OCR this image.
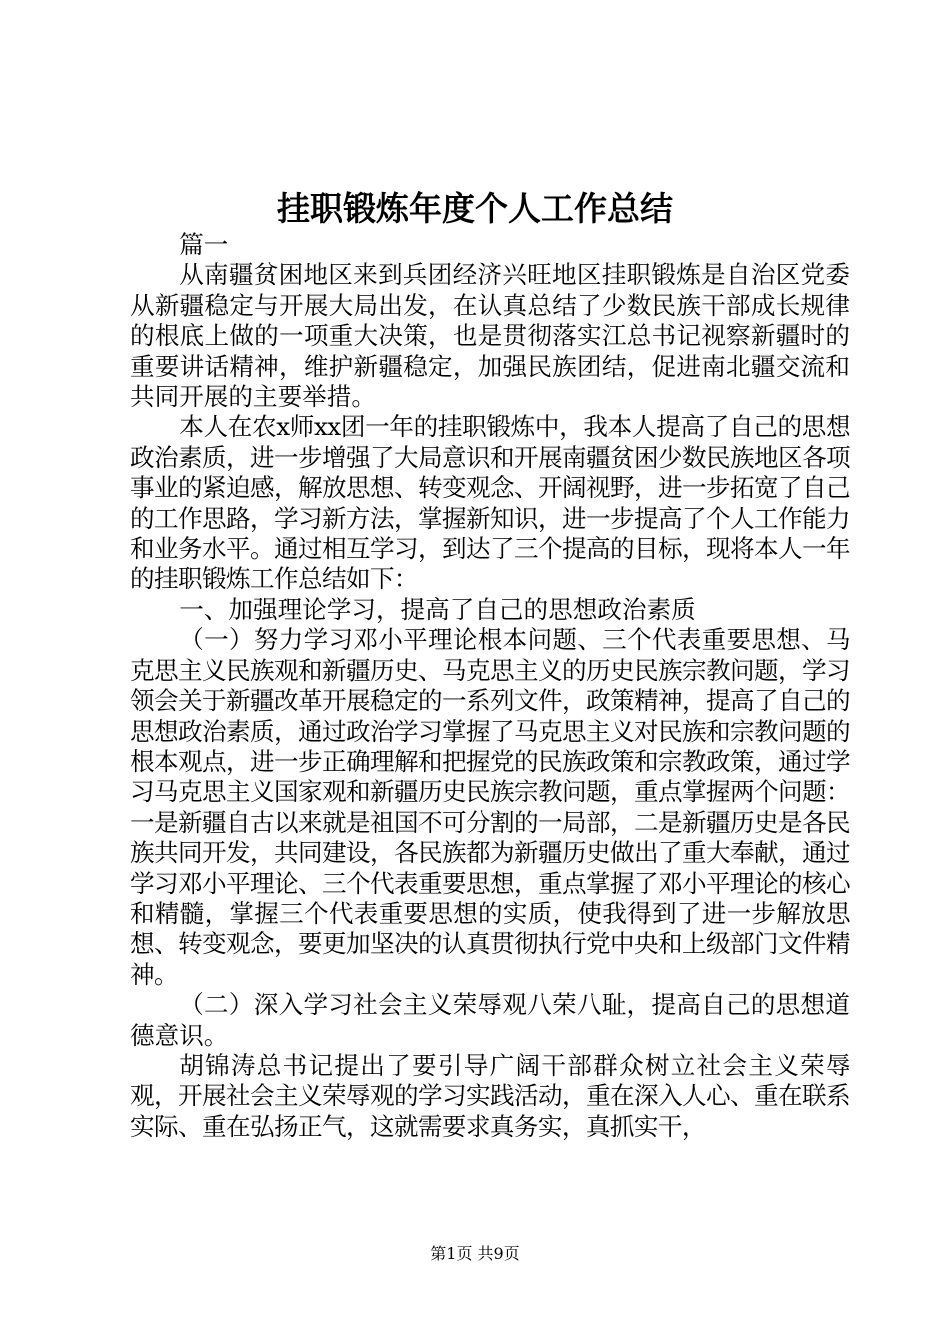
挂职锻炼年度个人工作总结

篇一

从南疆贫困地区来到兵团经济兴旺地区挂职锻炼是自治区党委从新疆稳定与开展大局出发，在认真总结了少数民族干部成长规律的根底上做的一项重大决策，也是贯彻落实江总书记视察新疆时的重要讲话精神，维护新疆稳定，加强民族团结，促进南北疆交流和共同开展的主要举措。

本人在农x师xx团一年的挂职锻炼中，我本人提高了自己的思想政治素质，进一步增强了大局意识和开展南疆贫困少数民族地区各项事业的紧迫感，解放思想、转变观念、开阔视野，进一步拓宽了自己的工作思路，学习新方法，掌握新知识，进一步提高了个人工作能力和业务水平。通过相互学习，到达了三个提高的目标，现将本人一年的挂职锻炼工作总结如下：

一、加强理论学习，提高了自己的思想政治素质

（一）努力学习邓小平理论根本问题、三个代表重要思想、马克思主义民族观和新疆历史、马克思主义的历史民族宗教问题，学习领会关于新疆改革开展稳定的一系列文件，政策精神，提高了自己的思想政治素质，通过政治学习掌握了马克思主义对民族和宗教问题的根本观点，进一步正确理解和把握党的民族政策和宗教政策，通过学习马克思主义国家观和新疆历史民族宗教问题，重点掌握两个问题：一是新疆自古以来就是祖国不可分割的一局部，二是新疆历史是各民族共同开发，共同建设，各民族都为新疆历史做出了重大奉献，通过学习邓小平理论、三个代表重要思想，重点掌握了邓小平理论的核心和精髓，掌握三个代表重要思想的实质，使我得到了进一步解放思想、转变观念，要更加坚决的认真贯彻执行党中央和上级部门文件精神。

（二）深入学习社会主义荣辱观八荣八耻，提高自己的思想道德意识。

胡锦涛总书记提出了要引导广阔干部群众树立社会主义荣辱观，开展社会主义荣辱观的学习实践活动，重在深入人心、重在联系实际、重在弘扬正气，这就需要求真务实，真抓实干，

第1页 共9页
